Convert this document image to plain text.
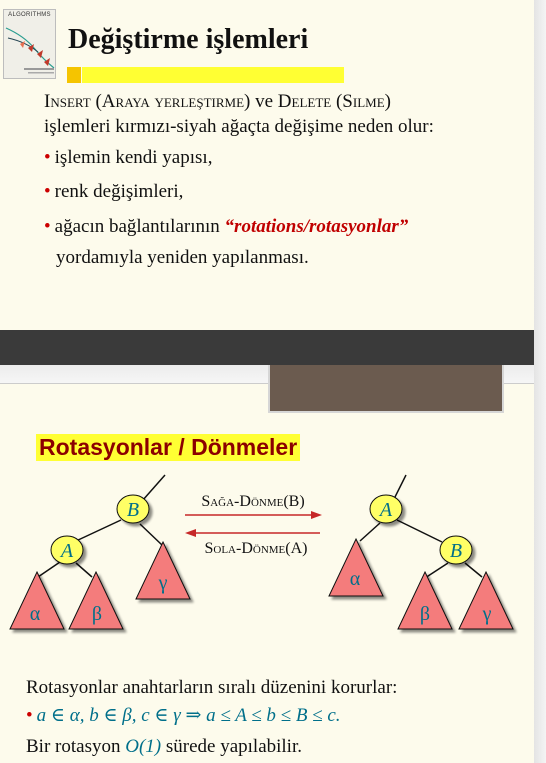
ALGORITHMS
Değiştirme işlemleri
Insert (Araya yerleştirme) ve Delete (Silme)
işlemleri kırmızı-siyah ağaçta değişime neden olur:
• işlemin kendi yapısı,
• renk değişimleri,
• ağacın bağlantılarının “rotations/rotasyonlar”
yordamıyla yeniden yapılanması.
Rotasyonlar / Dönmeler
B
A
α	β
γ
Sağa-Dönme(B)
Sola-Dönme(A)
A
B
α
β	γ
Rotasyonlar anahtarların sıralı düzenini korurlar:
• a ∈ α, b ∈ β, c ∈ γ ⇒ a ≤ A ≤ b ≤ B ≤ c.
Bir rotasyon O(1) sürede yapılabilir.
